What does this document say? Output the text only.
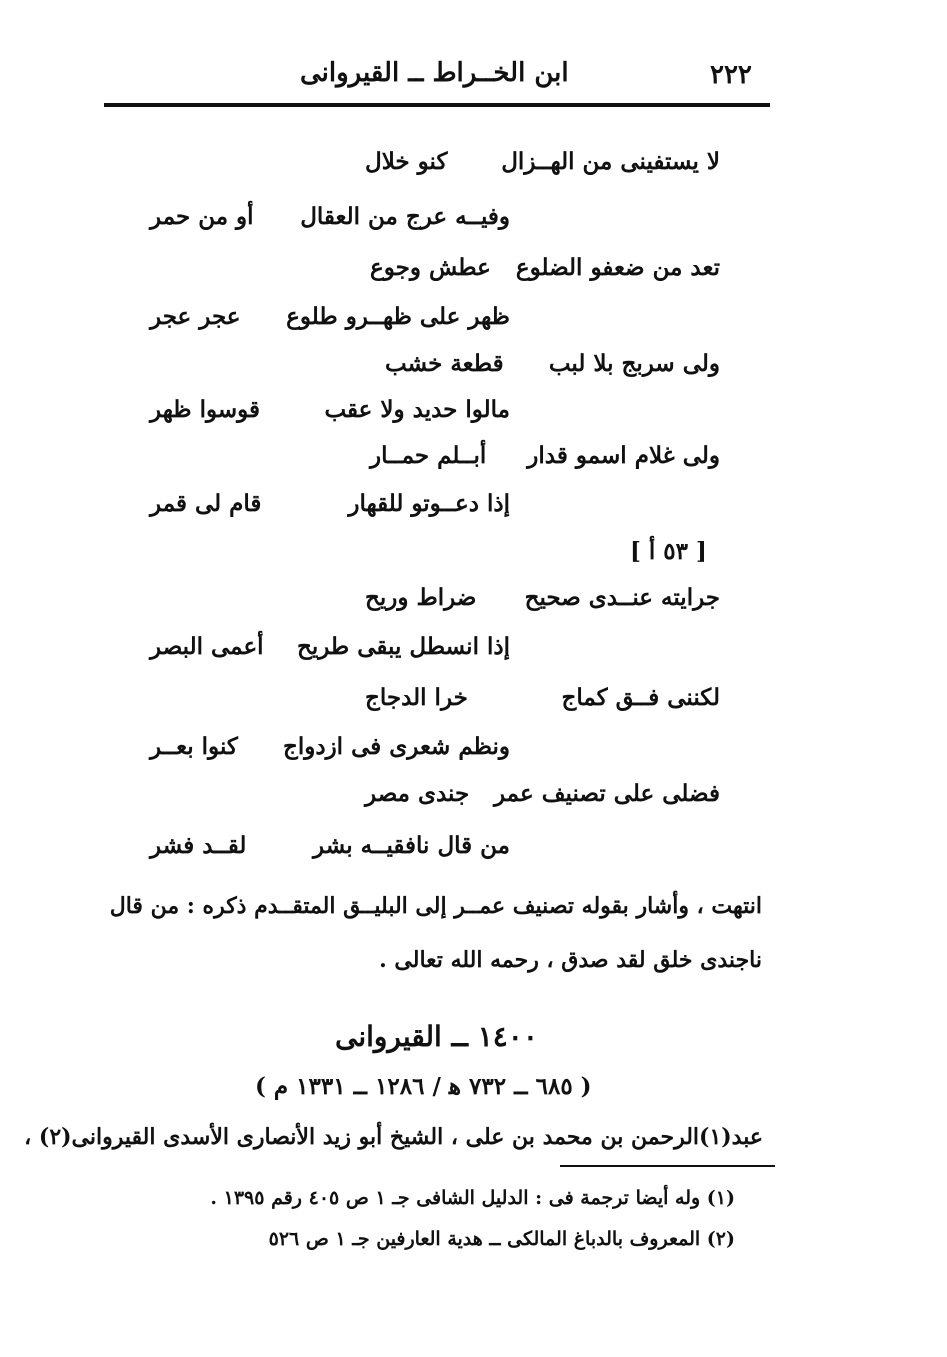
ابن الخــراط ــ القيروانى	٢٢٢
لا يستفينى من الهــزال
كنو خلال
وفيــه عرج من العقال
أو من حمر
تعد من ضعفو الضلوع
عطش وجوع
ظهر على ظهــرو طلوع
عجر عجر
ولى سربج بلا لبب
قطعة خشب
مالوا حديد ولا عقب
قوسوا ظهر
ولى غلام اسمو قدار
أبــلم حمــار
إذا دعــوتو للقهار
قام لى قمر
[ ٥٣ أ ]
جرايته عنــدى صحيح
ضراط وريح
إذا انسطل يبقى طريح
أعمى البصر
لكننى فــق كماج
خرا الدجاج
ونظم شعرى فى ازدواج
كنوا بعــر
فضلى على تصنيف عمر
جندى مصر
من قال نافقيــه بشر
لقــد فشر
انتهت ، وأشار بقوله تصنيف عمــر إلى البليــق المتقــدم ذكره : من قال
ناجندى خلق لقد صدق ، رحمه الله تعالى .
١٤٠٠ ــ القيروانى
( ٦٨٥ ــ ٧٣٢ ﻫ / ١٢٨٦ ــ ١٣٣١ م )
عبد(١)الرحمن بن محمد بن على ، الشيخ أبو زيد الأنصارى الأسدى القيروانى(٢) ،
(١) وله أيضا ترجمة فى : الدليل الشافى جـ ١ ص ٤٠٥ رقم ١٣٩٥ .
(٢) المعروف بالدباغ المالكى ــ هدية العارفين جـ ١ ص ٥٢٦
